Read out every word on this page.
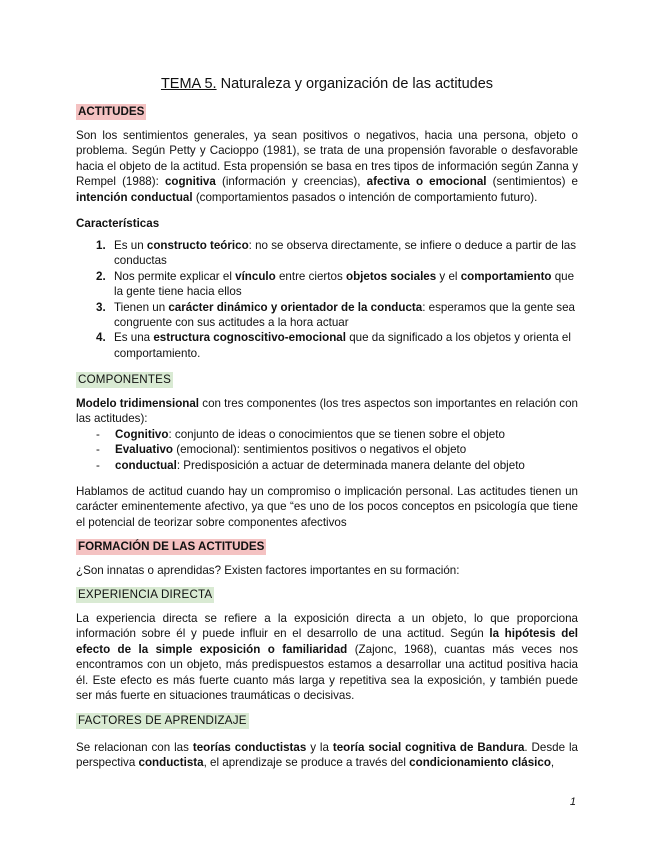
TEMA 5. Naturaleza y organización de las actitudes
ACTITUDES
Son los sentimientos generales, ya sean positivos o negativos, hacia una persona, objeto o problema. Según Petty y Cacioppo (1981), se trata de una propensión favorable o desfavorable hacia el objeto de la actitud. Esta propensión se basa en tres tipos de información según Zanna y Rempel (1988): cognitiva (información y creencias), afectiva o emocional (sentimientos) e intención conductual (comportamientos pasados o intención de comportamiento futuro).
Características
1. Es un constructo teórico: no se observa directamente, se infiere o deduce a partir de las conductas
2. Nos permite explicar el vínculo entre ciertos objetos sociales y el comportamiento que la gente tiene hacia ellos
3. Tienen un carácter dinámico y orientador de la conducta: esperamos que la gente sea congruente con sus actitudes a la hora actuar
4. Es una estructura cognoscitivo-emocional que da significado a los objetos y orienta el comportamiento.
COMPONENTES
Modelo tridimensional con tres componentes (los tres aspectos son importantes en relación con las actitudes):
- Cognitivo: conjunto de ideas o conocimientos que se tienen sobre el objeto
- Evaluativo (emocional): sentimientos positivos o negativos el objeto
- conductual: Predisposición a actuar de determinada manera delante del objeto
Hablamos de actitud cuando hay un compromiso o implicación personal. Las actitudes tienen un carácter eminentemente afectivo, ya que “es uno de los pocos conceptos en psicología que tiene el potencial de teorizar sobre componentes afectivos
FORMACIÓN DE LAS ACTITUDES
¿Son innatas o aprendidas? Existen factores importantes en su formación:
EXPERIENCIA DIRECTA
La experiencia directa se refiere a la exposición directa a un objeto, lo que proporciona información sobre él y puede influir en el desarrollo de una actitud. Según la hipótesis del efecto de la simple exposición o familiaridad (Zajonc, 1968), cuantas más veces nos encontramos con un objeto, más predispuestos estamos a desarrollar una actitud positiva hacia él. Este efecto es más fuerte cuanto más larga y repetitiva sea la exposición, y también puede ser más fuerte en situaciones traumáticas o decisivas.
FACTORES DE APRENDIZAJE
Se relacionan con las teorías conductistas y la teoría social cognitiva de Bandura. Desde la perspectiva conductista, el aprendizaje se produce a través del condicionamiento clásico,
1
